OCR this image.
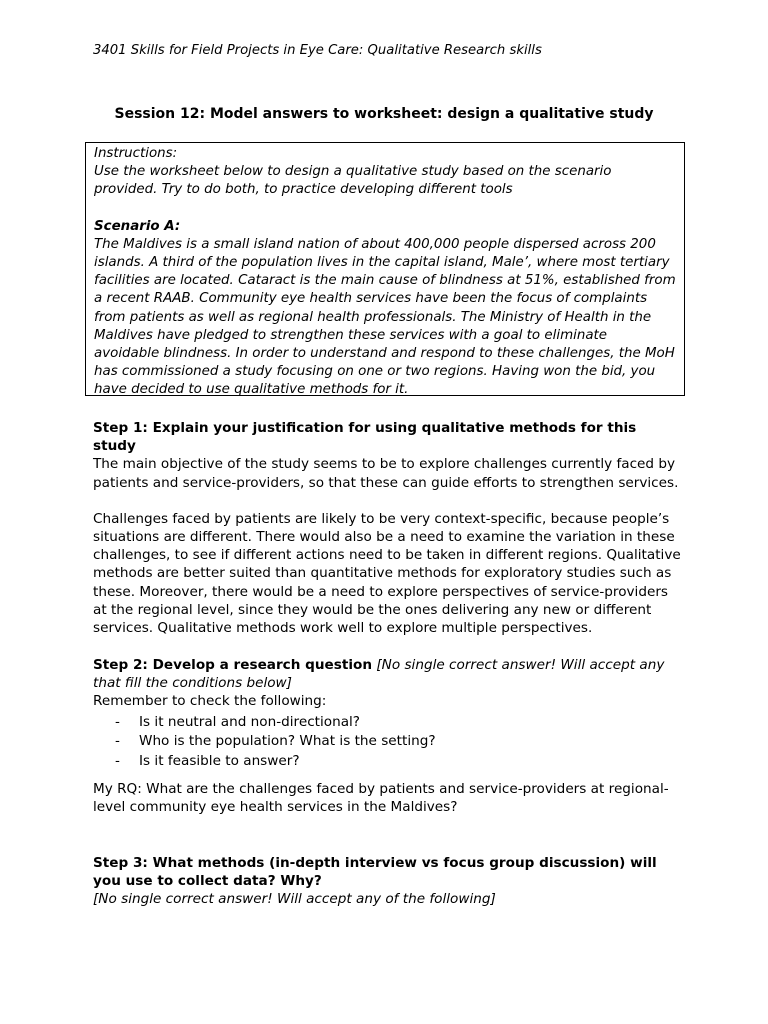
3401 Skills for Field Projects in Eye Care: Qualitative Research skills
Session 12: Model answers to worksheet: design a qualitative study

Instructions:

Use the worksheet below to design a qualitative study based on the scenario provided. Try to do both, to practice developing different tools

Scenario A:

The Maldives is a small island nation of about 400,000 people dispersed across 200 islands. A third of the population lives in the capital island, Male’, where most tertiary facilities are located. Cataract is the main cause of blindness at 51%, established from a recent RAAB. Community eye health services have been the focus of complaints from patients as well as regional health professionals. The Ministry of Health in the Maldives have pledged to strengthen these services with a goal to eliminate avoidable blindness. In order to understand and respond to these challenges, the MoH has commissioned a study focusing on one or two regions. Having won the bid, you have decided to use qualitative methods for it.

Step 1: Explain your justification for using qualitative methods for this study

The main objective of the study seems to be to explore challenges currently faced by patients and service-providers, so that these can guide efforts to strengthen services.

Challenges faced by patients are likely to be very context-specific, because people’s situations are different. There would also be a need to examine the variation in these challenges, to see if different actions need to be taken in different regions. Qualitative methods are better suited than quantitative methods for exploratory studies such as these. Moreover, there would be a need to explore perspectives of service-providers at the regional level, since they would be the ones delivering any new or different services. Qualitative methods work well to explore multiple perspectives.

Step 2: Develop a research question [No single correct answer! Will accept any that fill the conditions below]

Remember to check the following:

- Is it neutral and non-directional?
- Who is the population? What is the setting?
- Is it feasible to answer?

My RQ: What are the challenges faced by patients and service-providers at regional-level community eye health services in the Maldives?

Step 3: What methods (in-depth interview vs focus group discussion) will you use to collect data? Why?

[No single correct answer! Will accept any of the following]
